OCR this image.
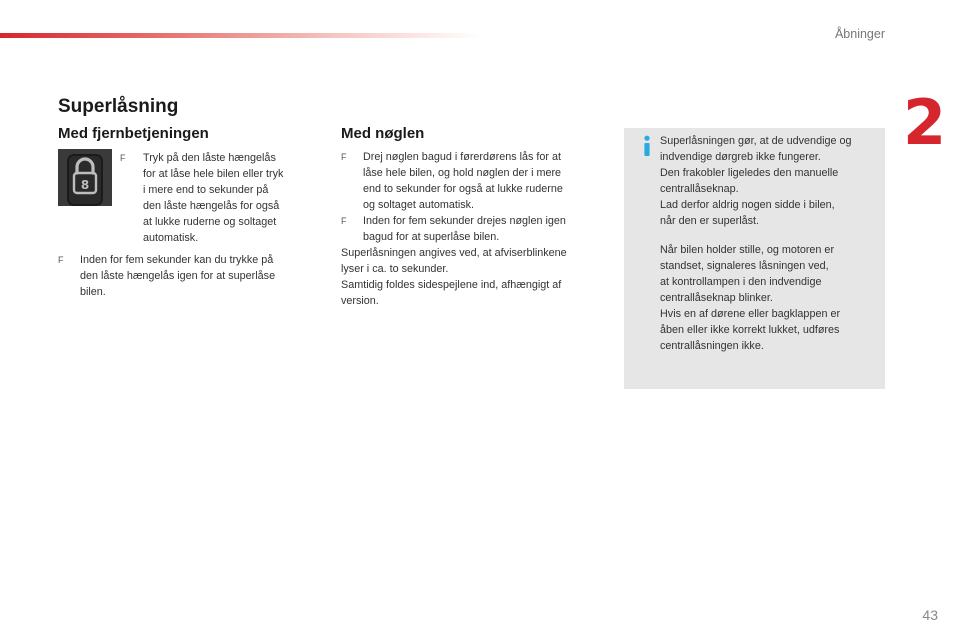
Åbninger
2
Superlåsning
Med fjernbetjeningen
8
F Tryk på den låste hængelås
for at låse hele bilen eller tryk
i mere end to sekunder på
den låste hængelås for også
at lukke ruderne og soltaget
automatisk.
F Inden for fem sekunder kan du trykke på
den låste hængelås igen for at superlåse
bilen.
Med nøglen
F Drej nøglen bagud i førerdørens lås for at
låse hele bilen, og hold nøglen der i mere
end to sekunder for også at lukke ruderne
og soltaget automatisk.
F Inden for fem sekunder drejes nøglen igen
bagud for at superlåse bilen.
Superlåsningen angives ved, at afviserblinkene
lyser i ca. to sekunder.
Samtidig foldes sidespejlene ind, afhængigt af
version.
Superlåsningen gør, at de udvendige og
indvendige dørgreb ikke fungerer.
Den frakobler ligeledes den manuelle
centrallåseknap.
Lad derfor aldrig nogen sidde i bilen,
når den er superlåst.
Når bilen holder stille, og motoren er
standset, signaleres låsningen ved,
at kontrollampen i den indvendige
centrallåseknap blinker.
Hvis en af dørene eller bagklappen er
åben eller ikke korrekt lukket, udføres
centrallåsningen ikke.
43
